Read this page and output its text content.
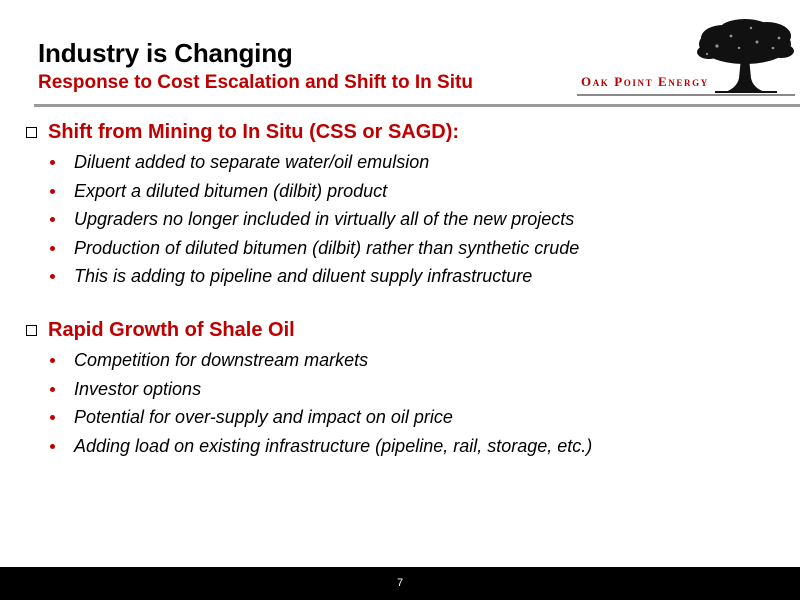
Industry is Changing
Response to Cost Escalation and Shift to In Situ	Oak Point Energy
Shift from Mining to In Situ (CSS or SAGD):
Diluent added to separate water/oil emulsion
Export a diluted bitumen (dilbit) product
Upgraders no longer included in virtually all of the new projects
Production of diluted bitumen (dilbit) rather than synthetic crude
This is adding to pipeline and diluent supply infrastructure
Rapid Growth of Shale Oil
Competition for downstream markets
Investor options
Potential for over-supply and impact on oil price
Adding load on existing infrastructure (pipeline, rail, storage, etc.)
7
